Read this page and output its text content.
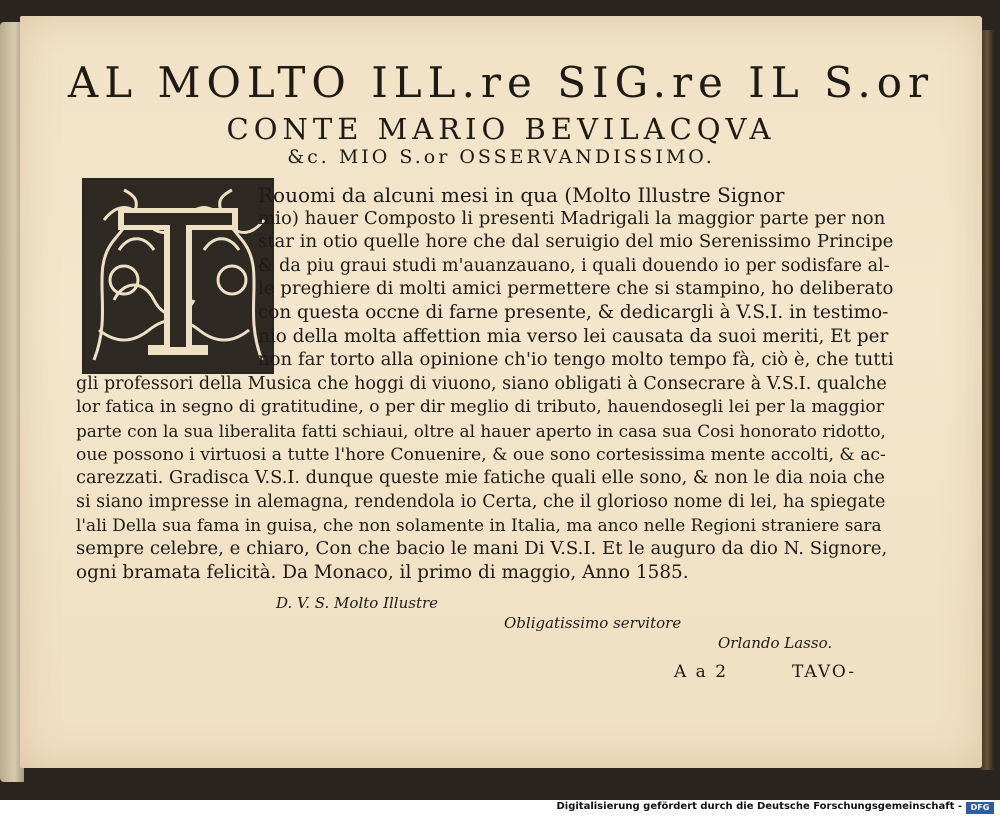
AL MOLTO ILL.re SIG.re IL S.or
CONTE MARIO BEVILACQVA
&c. MIO S.or OSSERVANDISSIMO.
Rouomi da alcuni mesi in qua (Molto Illustre Signor
mio) hauer Composto li presenti Madrigali la maggior parte per non
star in otio quelle hore che dal seruigio del mio Serenissimo Principe
& da piu graui studi m'auanzauano, i quali douendo io per sodisfare al-
le preghiere di molti amici permettere che si stampino, ho deliberato
con questa occne di farne presente, & dedicargli à V.S.I. in testimo-
nio della molta affettion mia verso lei causata da suoi meriti, Et per
non far torto alla opinione ch'io tengo molto tempo fà, ciò è, che tutti
gli professori della Musica che hoggi di viuono, siano obligati à Consecrare à V.S.I. qualche
lor fatica in segno di gratitudine, o per dir meglio di tributo, hauendosegli lei per la maggior
parte con la sua liberalita fatti schiaui, oltre al hauer aperto in casa sua Cosi honorato ridotto,
oue possono i virtuosi a tutte l'hore Conuenire, & oue sono cortesissima mente accolti, & ac-
carezzati. Gradisca V.S.I. dunque queste mie fatiche quali elle sono, & non le dia noia che
si siano impresse in alemagna, rendendola io Certa, che il glorioso nome di lei, ha spiegate
l'ali Della sua fama in guisa, che non solamente in Italia, ma anco nelle Regioni straniere sara
sempre celebre, e chiaro, Con che bacio le mani Di V.S.I. Et le auguro da dio N. Signore,
ogni bramata felicità. Da Monaco, il primo di maggio, Anno 1585.
D. V. S. Molto Illustre
Obligatissimo servitore
Orlando Lasso.
A a 2	TAVO-
Digitalisierung gefördert durch die Deutsche Forschungsgemeinschaft -	DFG
